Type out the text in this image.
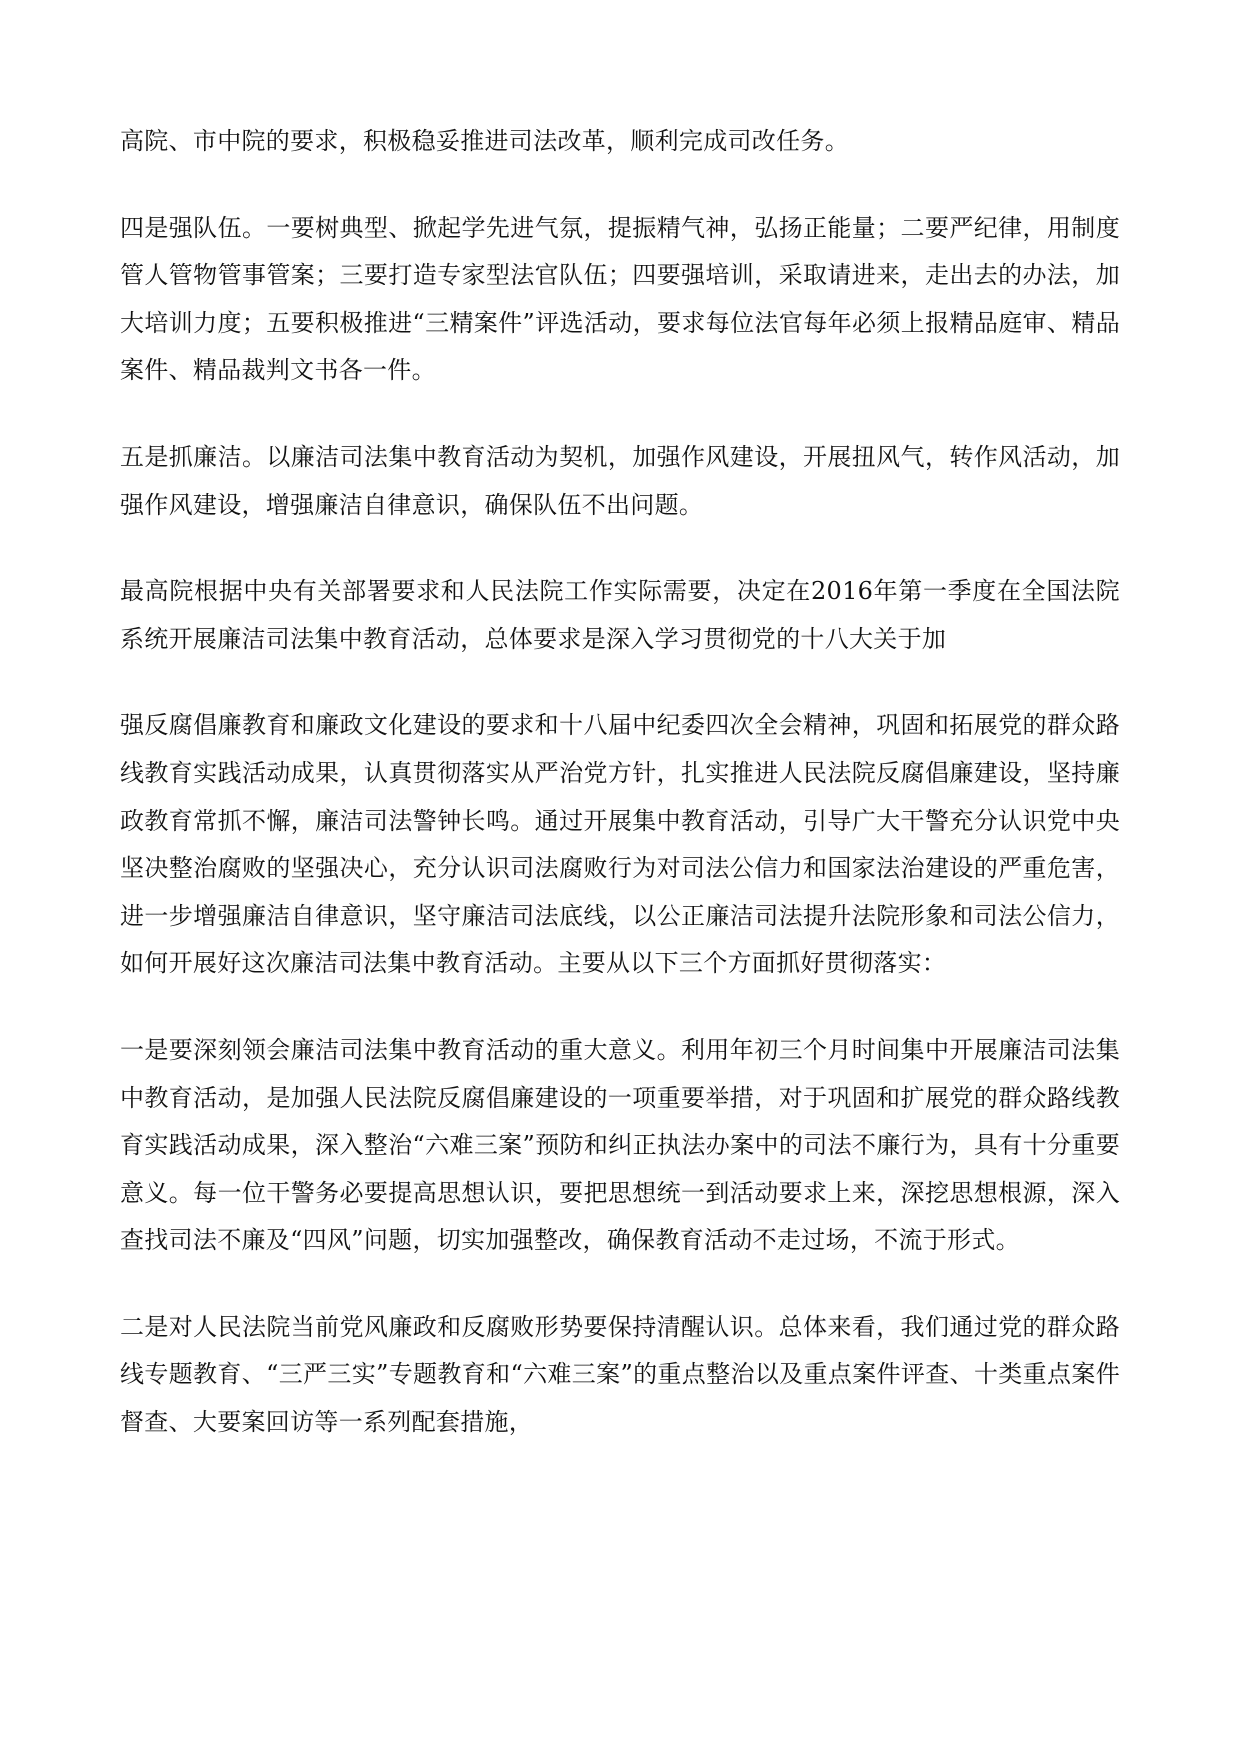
高院、市中院的要求，积极稳妥推进司法改革，顺利完成司改任务。

四是强队伍。一要树典型、掀起学先进气氛，提振精气神，弘扬正能量；二要严纪律，用制度管人管物管事管案；三要打造专家型法官队伍；四要强培训，采取请进来，走出去的办法，加大培训力度；五要积极推进“三精案件”评选活动，要求每位法官每年必须上报精品庭审、精品案件、精品裁判文书各一件。

五是抓廉洁。以廉洁司法集中教育活动为契机，加强作风建设，开展扭风气，转作风活动，加强作风建设，增强廉洁自律意识，确保队伍不出问题。

最高院根据中央有关部署要求和人民法院工作实际需要，决定在2016年第一季度在全国法院系统开展廉洁司法集中教育活动，总体要求是深入学习贯彻党的十八大关于加

强反腐倡廉教育和廉政文化建设的要求和十八届中纪委四次全会精神，巩固和拓展党的群众路线教育实践活动成果，认真贯彻落实从严治党方针，扎实推进人民法院反腐倡廉建设，坚持廉政教育常抓不懈，廉洁司法警钟长鸣。通过开展集中教育活动，引导广大干警充分认识党中央坚决整治腐败的坚强决心，充分认识司法腐败行为对司法公信力和国家法治建设的严重危害，进一步增强廉洁自律意识，坚守廉洁司法底线，以公正廉洁司法提升法院形象和司法公信力，如何开展好这次廉洁司法集中教育活动。主要从以下三个方面抓好贯彻落实：

一是要深刻领会廉洁司法集中教育活动的重大意义。利用年初三个月时间集中开展廉洁司法集中教育活动，是加强人民法院反腐倡廉建设的一项重要举措，对于巩固和扩展党的群众路线教育实践活动成果，深入整治“六难三案”预防和纠正执法办案中的司法不廉行为，具有十分重要意义。每一位干警务必要提高思想认识，要把思想统一到活动要求上来，深挖思想根源，深入查找司法不廉及“四风”问题，切实加强整改，确保教育活动不走过场，不流于形式。

二是对人民法院当前党风廉政和反腐败形势要保持清醒认识。总体来看，我们通过党的群众路线专题教育、“三严三实”专题教育和“六难三案”的重点整治以及重点案件评查、十类重点案件督查、大要案回访等一系列配套措施，
